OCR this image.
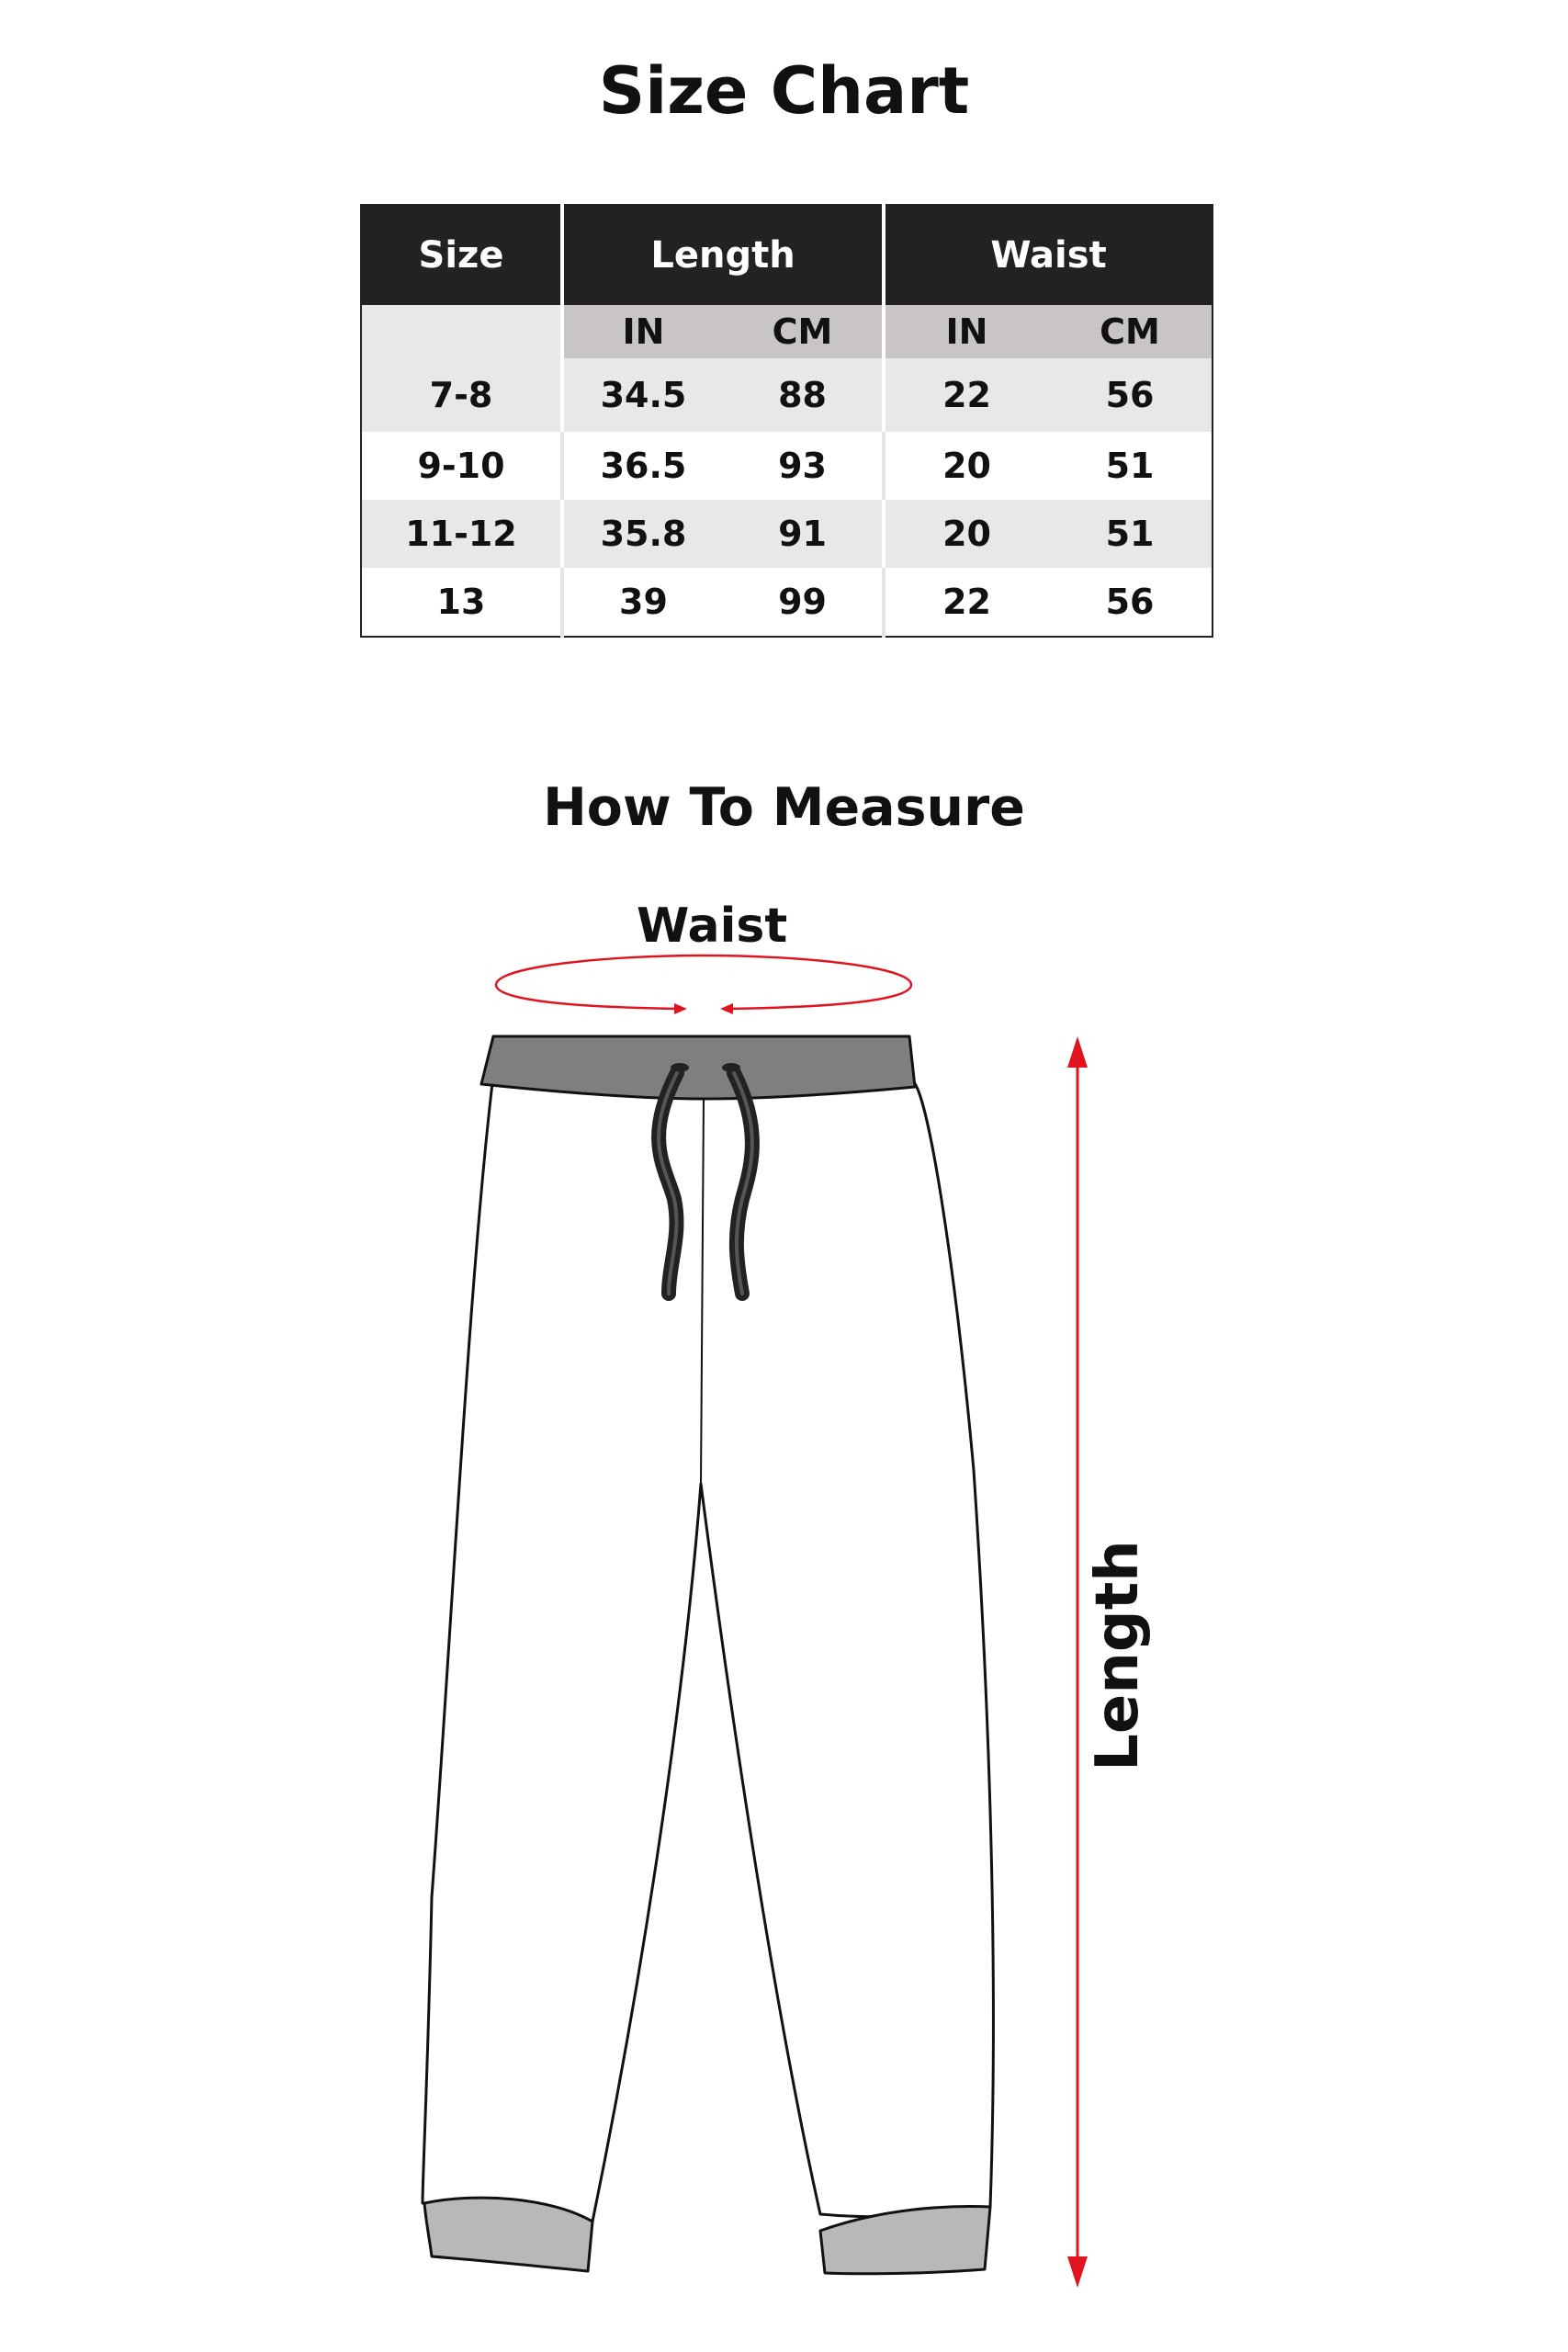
Size Chart
Size	Length		Waist	
	IN	CM	IN	CM
7-8	34.5	88	22	56
9-10	36.5	93	20	51
11-12	35.8	91	20	51
13	39	99	22	56
How To Measure
Waist
Length
